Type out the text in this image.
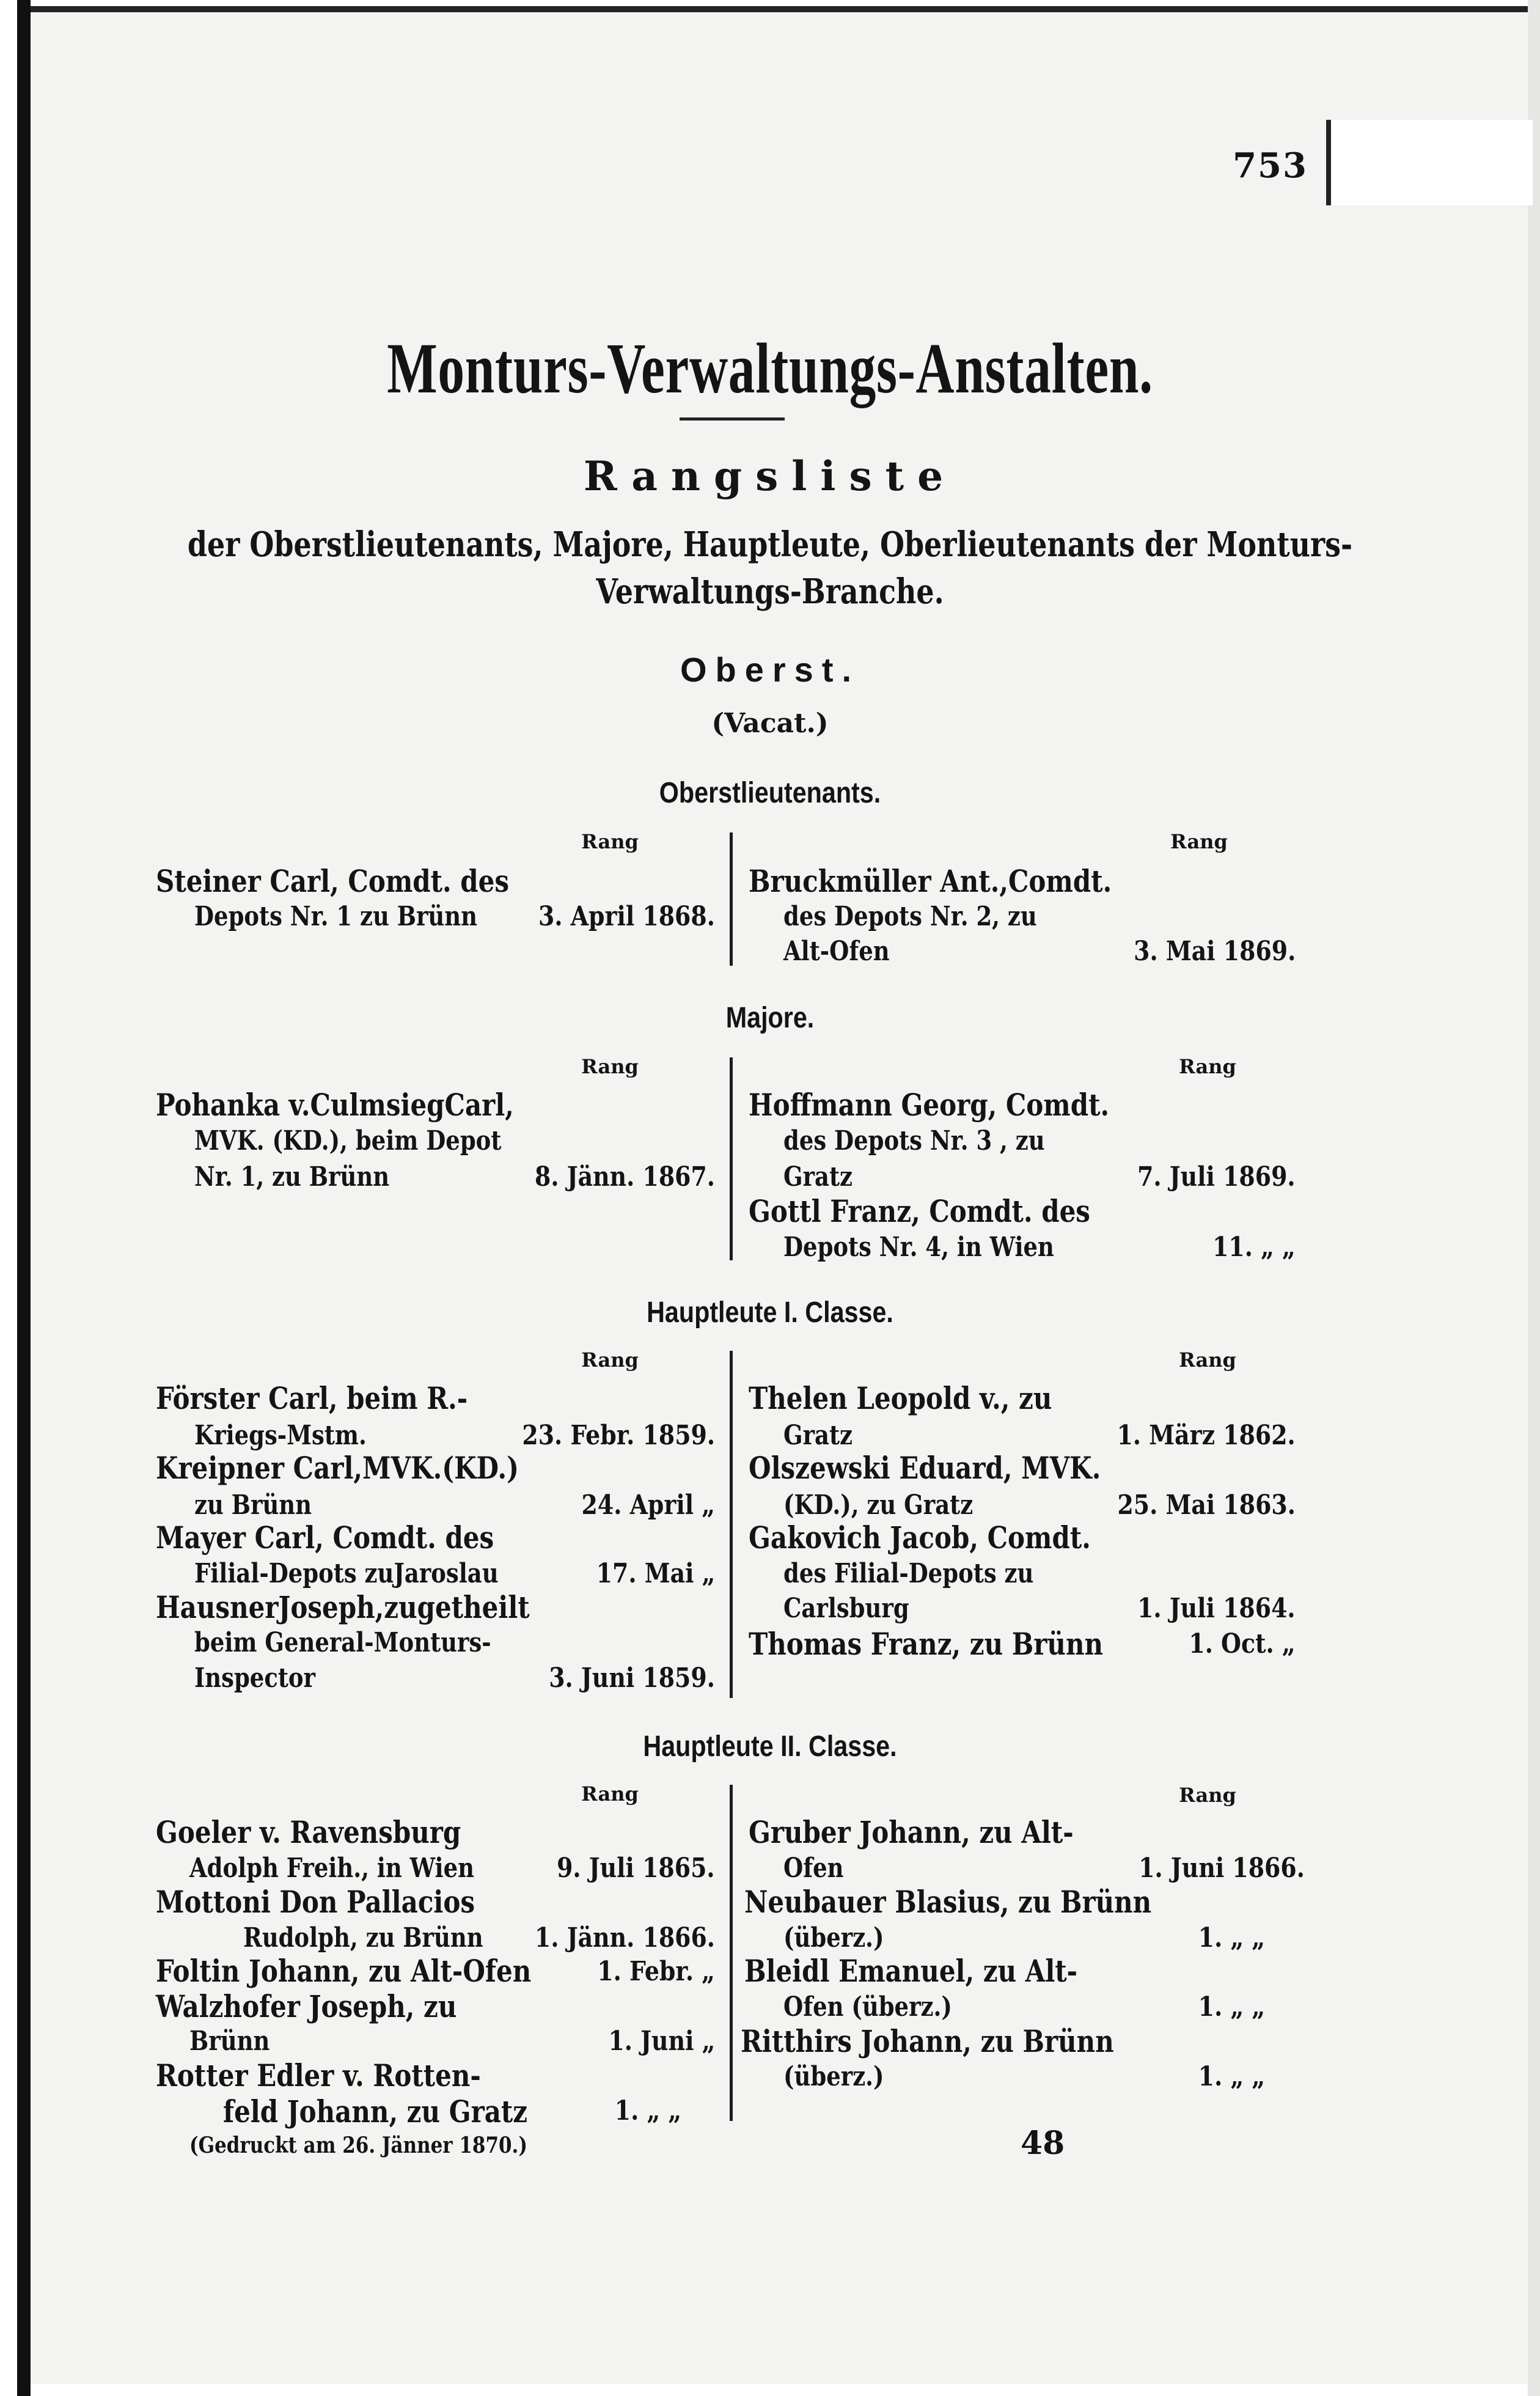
753
Monturs-Verwaltungs-Anstalten.
Rangsliste
der Oberstlieutenants, Majore, Hauptleute, Oberlieutenants der Monturs-
Verwaltungs-Branche.
Oberst.
(Vacat.)
Oberstlieutenants.
Rang	Rang
Steiner Carl, Comdt. des
Depots Nr. 1 zu Brünn 3. April 1868.
Bruckmüller Ant.,Comdt.
des Depots Nr. 2, zu
Alt-Ofen	3. Mai 1869.
Majore.
Rang	Rang
Pohanka v.CulmsiegCarl,
MVK. (KD.), beim Depot
Nr. 1, zu Brünn	8. Jänn. 1867.
Hoffmann Georg, Comdt.
des Depots Nr. 3 , zu
Gratz	7. Juli 1869.
Gottl Franz, Comdt. des
Depots Nr. 4, in Wien	11. „ „
Hauptleute I. Classe.
Rang	Rang
Förster Carl, beim R.-
Kriegs-Mstm.	23. Febr. 1859.
Kreipner Carl,MVK.(KD.)
zu Brünn	24. April „
Mayer Carl, Comdt. des
Filial-Depots zuJaroslau	17. Mai „
HausnerJoseph,zugetheilt
beim General-Monturs-
Inspector	3. Juni 1859.
Thelen Leopold v., zu
Gratz	1. März 1862.
Olszewski Eduard, MVK.
(KD.), zu Gratz	25. Mai 1863.
Gakovich Jacob, Comdt.
des Filial-Depots zu
Carlsburg	1. Juli 1864.
Thomas Franz, zu Brünn	1. Oct. „
Hauptleute II. Classe.
Rang	Rang
Goeler v. Ravensburg
Adolph Freih., in Wien	9. Juli 1865.
Mottoni Don Pallacios
Rudolph, zu Brünn 1. Jänn. 1866.
Foltin Johann, zu Alt-Ofen 1. Febr. „
Walzhofer Joseph, zu
Brünn	1. Juni „
Rotter Edler v. Rotten-
feld Johann, zu Gratz	1. „ „
Gruber Johann, zu Alt-
Ofen	1. Juni 1866.
Neubauer Blasius, zu Brünn
(überz.)	1. „ „
Bleidl Emanuel, zu Alt-
Ofen (überz.)	1. „ „
Ritthirs Johann, zu Brünn
(überz.)	1. „ „
(Gedruckt am 26. Jänner 1870.)	48
